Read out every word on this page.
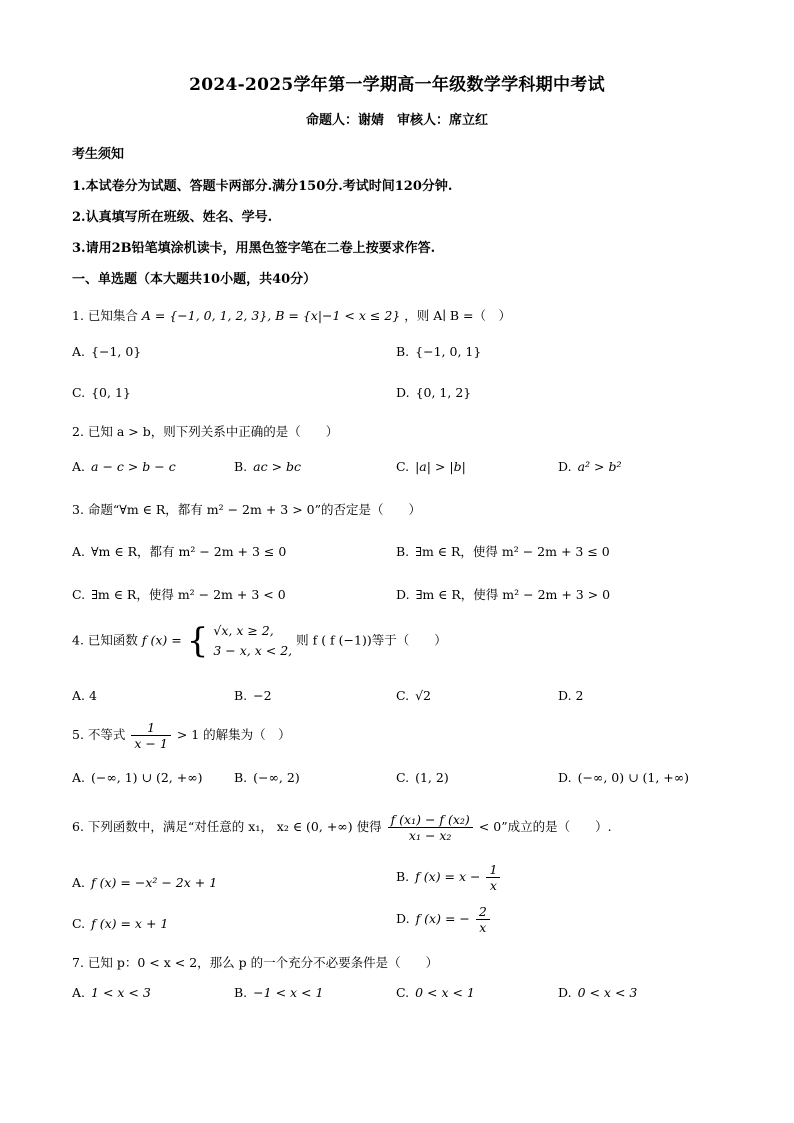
2024-2025学年第一学期高一年级数学学科期中考试
命题人：谢婧　审核人：席立红
考生须知
1.本试卷分为试题、答题卡两部分.满分150分.考试时间120分钟.
2.认真填写所在班级、姓名、学号.
3.请用2B铅笔填涂机读卡，用黑色签字笔在二卷上按要求作答.
一、单选题（本大题共10小题，共40分）
1. 已知集合 A = {−1, 0, 1, 2, 3}, B = {x|−1 < x ≤ 2} ，则 A∣ B =（　）
A. {−1, 0}	B. {−1, 0, 1}
C. {0, 1}	D. {0, 1, 2}
2. 已知 a > b，则下列关系中正确的是（　　）
A. a − c > b − c	B. ac > bc	C. |a| > |b|	D. a² > b²
3. 命题“∀m ∈ R，都有 m² − 2m + 3 > 0”的否定是（　　）
A. ∀m ∈ R，都有 m² − 2m + 3 ≤ 0	B. ∃m ∈ R，使得 m² − 2m + 3 ≤ 0
C. ∃m ∈ R，使得 m² − 2m + 3 < 0	D. ∃m ∈ R，使得 m² − 2m + 3 > 0
4. 已知函数 f (x) = { √x, x ≥ 2,
3 − x, x < 2,
则 f ( f (−1))等于（　　）
A. 4	B. −2	C. √2	D. 2
5. 不等式 $\frac{1}{x - 1} > 1$ 的解集为（　）
A. (−∞, 1) ∪ (2, +∞)	B. (−∞, 2)	C. (1, 2)	D. (−∞, 0) ∪ (1, +∞)
6. 下列函数中，满足“对任意的 x₁， x₂ ∈ (0, +∞) 使得 $\frac{\text{f (x₁) − f (x₂)}}{\text{x₁ − x₂}} < 0$”成立的是（　　）.
A. f (x) = −x² − 2x + 1	B. f $(x) = x - \frac{1}{x}$
C. f (x) = x + 1	D. f (x) = − $\frac{2}{x}$
7. 已知 p：0 < x < 2，那么 p 的一个充分不必要条件是（　　）
A. 1 < x < 3	B. −1 < x < 1	C. 0 < x < 1	D. 0 < x < 3
